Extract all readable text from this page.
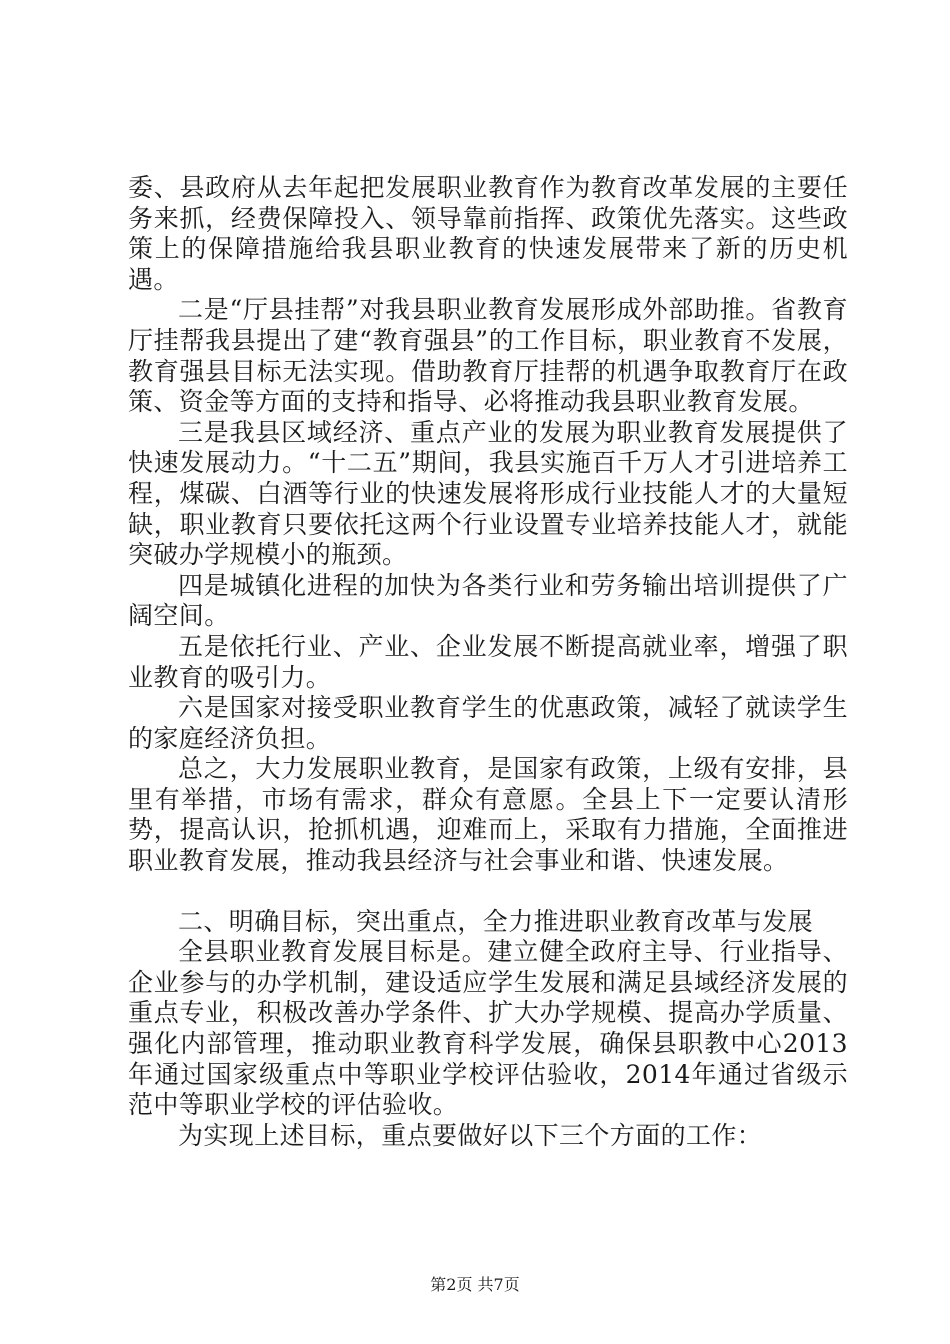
委、县政府从去年起把发展职业教育作为教育改革发展的主要任务来抓，经费保障投入、领导靠前指挥、政策优先落实。这些政策上的保障措施给我县职业教育的快速发展带来了新的历史机遇。

二是“厅县挂帮”对我县职业教育发展形成外部助推。省教育厅挂帮我县提出了建“教育强县”的工作目标，职业教育不发展，教育强县目标无法实现。借助教育厅挂帮的机遇争取教育厅在政策、资金等方面的支持和指导、必将推动我县职业教育发展。

三是我县区域经济、重点产业的发展为职业教育发展提供了快速发展动力。“十二五”期间，我县实施百千万人才引进培养工程，煤碳、白酒等行业的快速发展将形成行业技能人才的大量短缺，职业教育只要依托这两个行业设置专业培养技能人才，就能突破办学规模小的瓶颈。

四是城镇化进程的加快为各类行业和劳务输出培训提供了广阔空间。

五是依托行业、产业、企业发展不断提高就业率，增强了职业教育的吸引力。

六是国家对接受职业教育学生的优惠政策，减轻了就读学生的家庭经济负担。

总之，大力发展职业教育，是国家有政策，上级有安排，县里有举措，市场有需求，群众有意愿。全县上下一定要认清形势，提高认识，抢抓机遇，迎难而上，采取有力措施，全面推进职业教育发展，推动我县经济与社会事业和谐、快速发展。

二、明确目标，突出重点，全力推进职业教育改革与发展

全县职业教育发展目标是。建立健全政府主导、行业指导、企业参与的办学机制，建设适应学生发展和满足县域经济发展的重点专业，积极改善办学条件、扩大办学规模、提高办学质量、强化内部管理，推动职业教育科学发展，确保县职教中心2013年通过国家级重点中等职业学校评估验收，2014年通过省级示范中等职业学校的评估验收。

为实现上述目标，重点要做好以下三个方面的工作：

第2页 共7页
